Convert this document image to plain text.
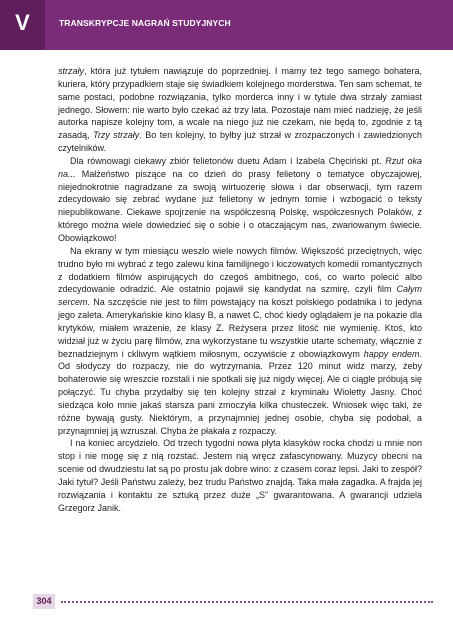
V	TRANSKRYPCJE NAGRAŃ STUDYJNYCH

strzały, która już tytułem nawiązuje do poprzedniej. I mamy też tego samego bohatera, kuriera, który przypadkiem staje się świadkiem kolejnego morderstwa. Ten sam schemat, te same postaci, podobne rozwiązania, tylko morderca inny i w tytule dwa strzały zamiast jednego. Słowem: nie warto było czekać aż trzy lata. Pozostaje nam mieć nadzieję, że jeśli autorka napisze kolejny tom, a wcale na niego już nie czekam, nie będą to, zgodnie z tą zasadą, Trzy strzały. Bo ten kolejny, to byłby już strzał w zrozpaczonych i zawiedzionych czytelników.

Dla równowagi ciekawy zbiór felietonów duetu Adam i Izabela Chęciński pt. Rzut oka na... Małżeństwo piszące na co dzień do prasy felietony o tematyce obyczajowej, niejednokrotnie nagradzane za swoją wirtuozerię słowa i dar obserwacji, tym razem zdecydowało się zebrać wydane już felietony w jednym tomie i wzbogacić o teksty niepublikowane. Ciekawe spojrzenie na współczesną Polskę, współczesnych Polaków, z którego można wiele dowiedzieć się o sobie i o otaczającym nas, zwariowanym świecie. Obowiązkowo!

Na ekrany w tym miesiącu weszło wiele nowych filmów. Większość przeciętnych, więc trudno było mi wybrać z tego zalewu kina familijnego i kiczowatych komedii romantycznych z dodatkiem filmów aspirujących do czegoś ambitnego, coś, co warto polecić albo zdecydowanie odradzić. Ale ostatnio pojawił się kandydat na szmirę, czyli film Całym sercem. Na szczęście nie jest to film powstający na koszt polskiego podatnika i to jedyna jego zaleta. Amerykańskie kino klasy B, a nawet C, choć kiedy oglądałem je na pokazie dla krytyków, miałem wrażenie, że klasy Z. Reżysera przez litość nie wymienię. Ktoś, kto widział już w życiu parę filmów, zna wykorzystane tu wszystkie utarte schematy, włącznie z beznadziejnym i ckliwym wątkiem miłosnym, oczywiście z obowiązkowym happy endem. Od słodyczy do rozpaczy, nie do wytrzymania. Przez 120 minut widz marzy, żeby bohaterowie się wreszcie rozstali i nie spotkali się już nigdy więcej. Ale ci ciągle próbują się połączyć. Tu chyba przydałby się ten kolejny strzał z kryminału Wioletty Jasny. Choć siedząca koło mnie jakaś starsza pani zmoczyła kilka chusteczek. Wniosek więc taki, że różne bywają gusty. Niektórym, a przynajmniej jednej osobie, chyba się podobał, a przynajmniej ją wzruszał. Chyba że płakała z rozpaczy.

I na koniec arcydzieło. Od trzech tygodni nowa płyta klasyków rocka chodzi u mnie non stop i nie mogę się z nią rozstać. Jestem nią wręcz zafascynowany. Muzycy obecni na scenie od dwudziestu lat są po prostu jak dobre wino: z czasem coraz lepsi. Jaki to zespół? Jaki tytuł? Jeśli Państwu zależy, bez trudu Państwo znajdą. Taka mała zagadka. A frajda jej rozwiązania i kontaktu ze sztuką przez duże „S” gwarantowana. A gwarancji udziela Grzegorz Janik.

304
